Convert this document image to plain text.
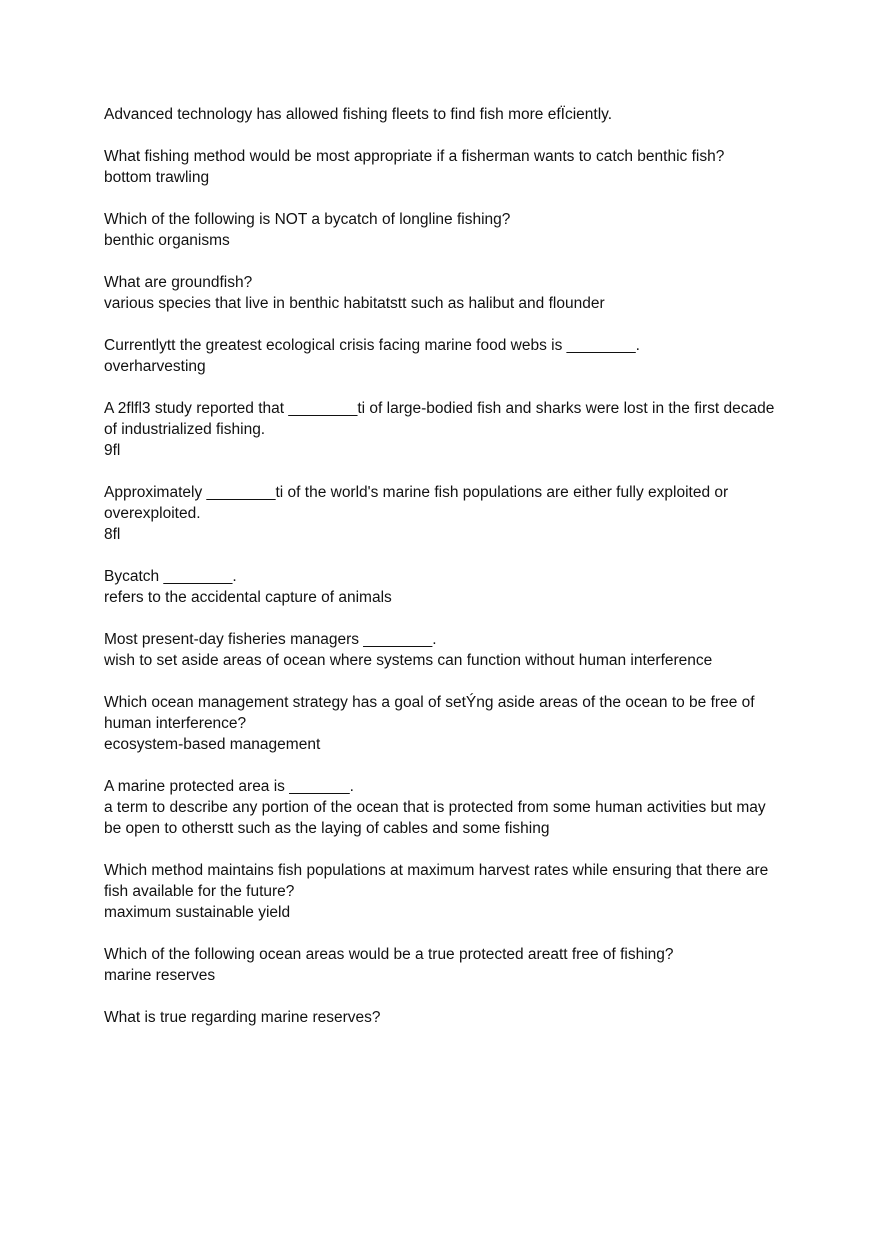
Advanced technology has allowed fishing fleets to find fish more efÏciently.
What fishing method would be most appropriate if a fisherman wants to catch benthic fish?
bottom trawling
Which of the following is NOT a bycatch of longline fishing?
benthic organisms
What are groundfish?
various species that live in benthic habitatstt such as halibut and flounder
Currentlytt the greatest ecological crisis facing marine food webs is ________.
overharvesting
A 2flfl3 study reported that ________ti of large-bodied fish and sharks were lost in the first decade of industrialized fishing.
9fl
Approximately ________ti of the world's marine fish populations are either fully exploited or overexploited.
8fl
Bycatch ________.
refers to the accidental capture of animals
Most present-day fisheries managers ________.
wish to set aside areas of ocean where systems can function without human interference
Which ocean management strategy has a goal of setÝng aside areas of the ocean to be free of human interference?
ecosystem-based management
A marine protected area is _______.
a term to describe any portion of the ocean that is protected from some human activities but may be open to otherstt such as the laying of cables and some fishing
Which method maintains fish populations at maximum harvest rates while ensuring that there are fish available for the future?
maximum sustainable yield
Which of the following ocean areas would be a true protected areatt free of fishing?
marine reserves
What is true regarding marine reserves?
